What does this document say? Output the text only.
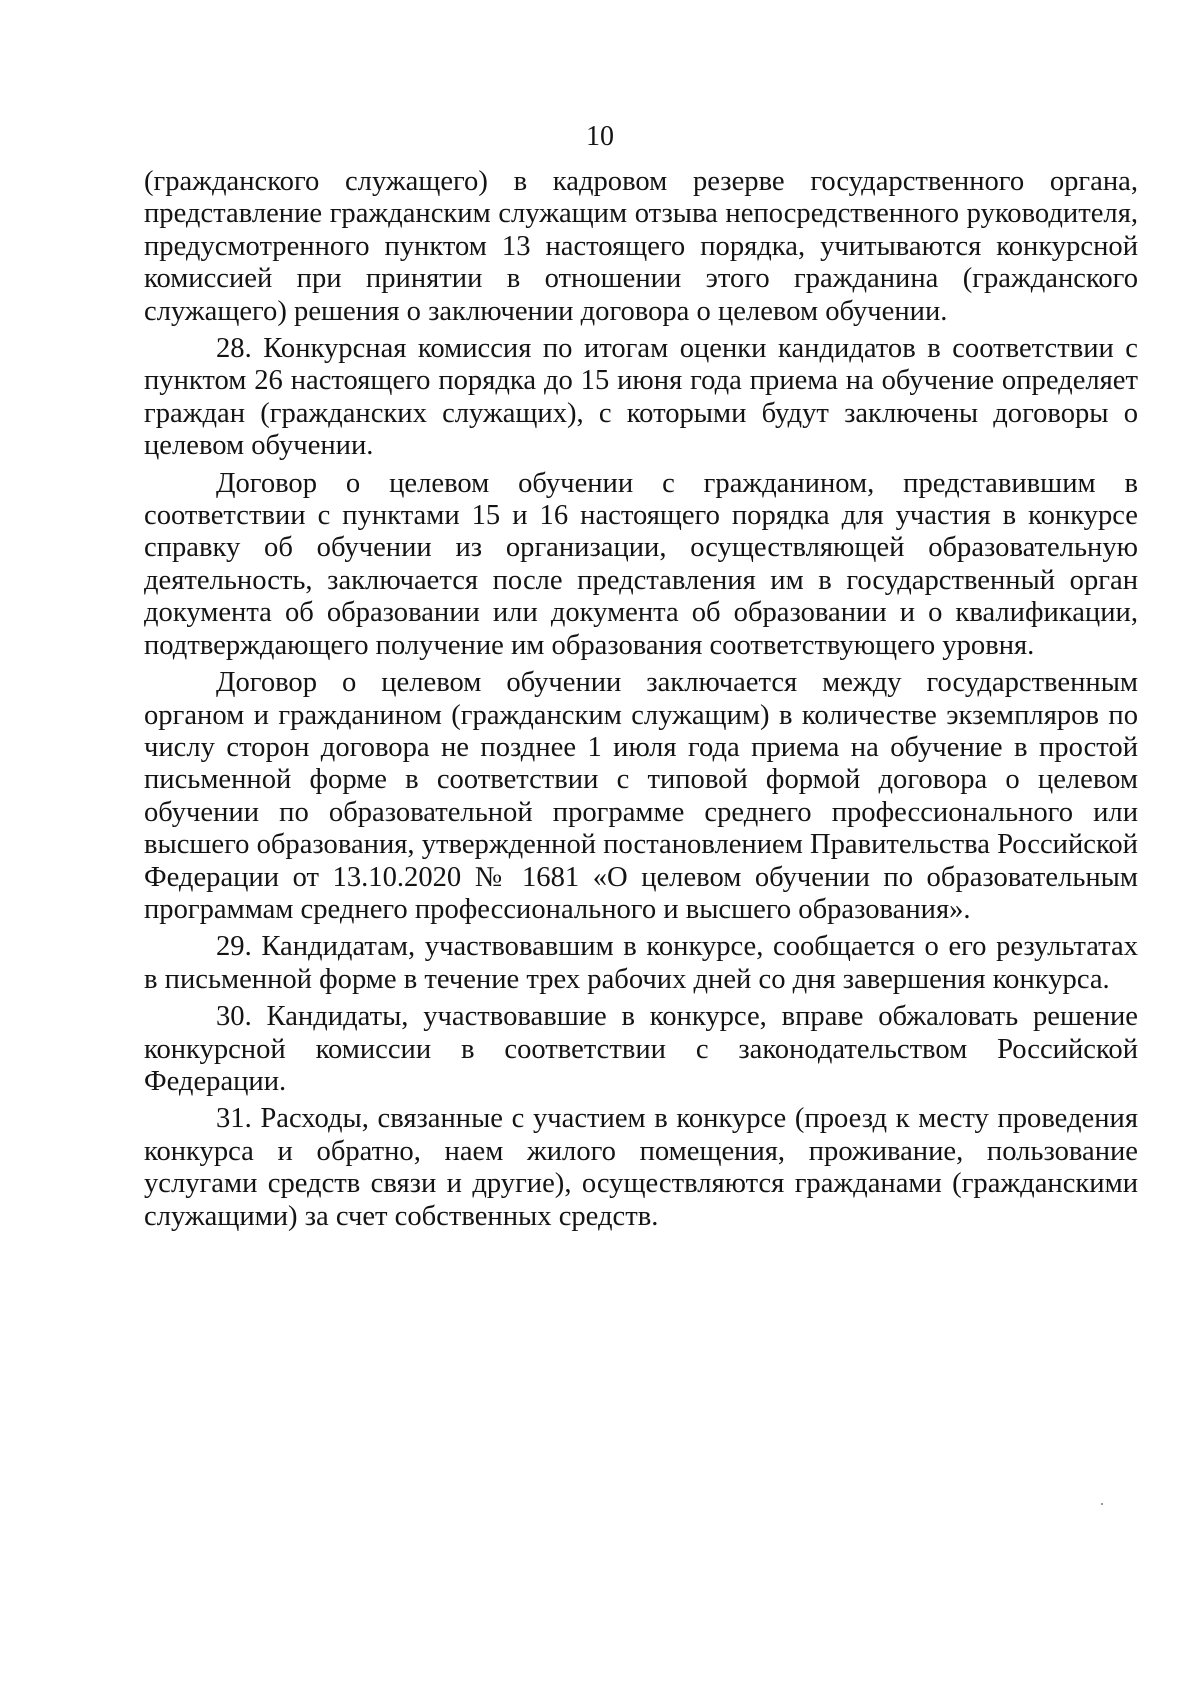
10

(гражданского служащего) в кадровом резерве государственного органа, представление гражданским служащим отзыва непосредственного руководителя, предусмотренного пунктом 13 настоящего порядка, учитываются конкурсной комиссией при принятии в отношении этого гражданина (гражданского служащего) решения о заключении договора о целевом обучении.

28. Конкурсная комиссия по итогам оценки кандидатов в соответствии с пунктом 26 настоящего порядка до 15 июня года приема на обучение определяет граждан (гражданских служащих), с которыми будут заключены договоры о целевом обучении.

Договор о целевом обучении с гражданином, представившим в соответствии с пунктами 15 и 16 настоящего порядка для участия в конкурсе справку об обучении из организации, осуществляющей образовательную деятельность, заключается после представления им в государственный орган документа об образовании или документа об образовании и о квалификации, подтверждающего получение им образования соответствующего уровня.

Договор о целевом обучении заключается между государственным органом и гражданином (гражданским служащим) в количестве экземпляров по числу сторон договора не позднее 1 июля года приема на обучение в простой письменной форме в соответствии с типовой формой договора о целевом обучении по образовательной программе среднего профессионального или высшего образования, утвержденной постановлением Правительства Российской Федерации от 13.10.2020 № 1681 «О целевом обучении по образовательным программам среднего профессионального и высшего образования».

29. Кандидатам, участвовавшим в конкурсе, сообщается о его результатах в письменной форме в течение трех рабочих дней со дня завершения конкурса.

30. Кандидаты, участвовавшие в конкурсе, вправе обжаловать решение конкурсной комиссии в соответствии с законодательством Российской Федерации.

31. Расходы, связанные с участием в конкурсе (проезд к месту проведения конкурса и обратно, наем жилого помещения, проживание, пользование услугами средств связи и другие), осуществляются гражданами (гражданскими служащими) за счет собственных средств.
